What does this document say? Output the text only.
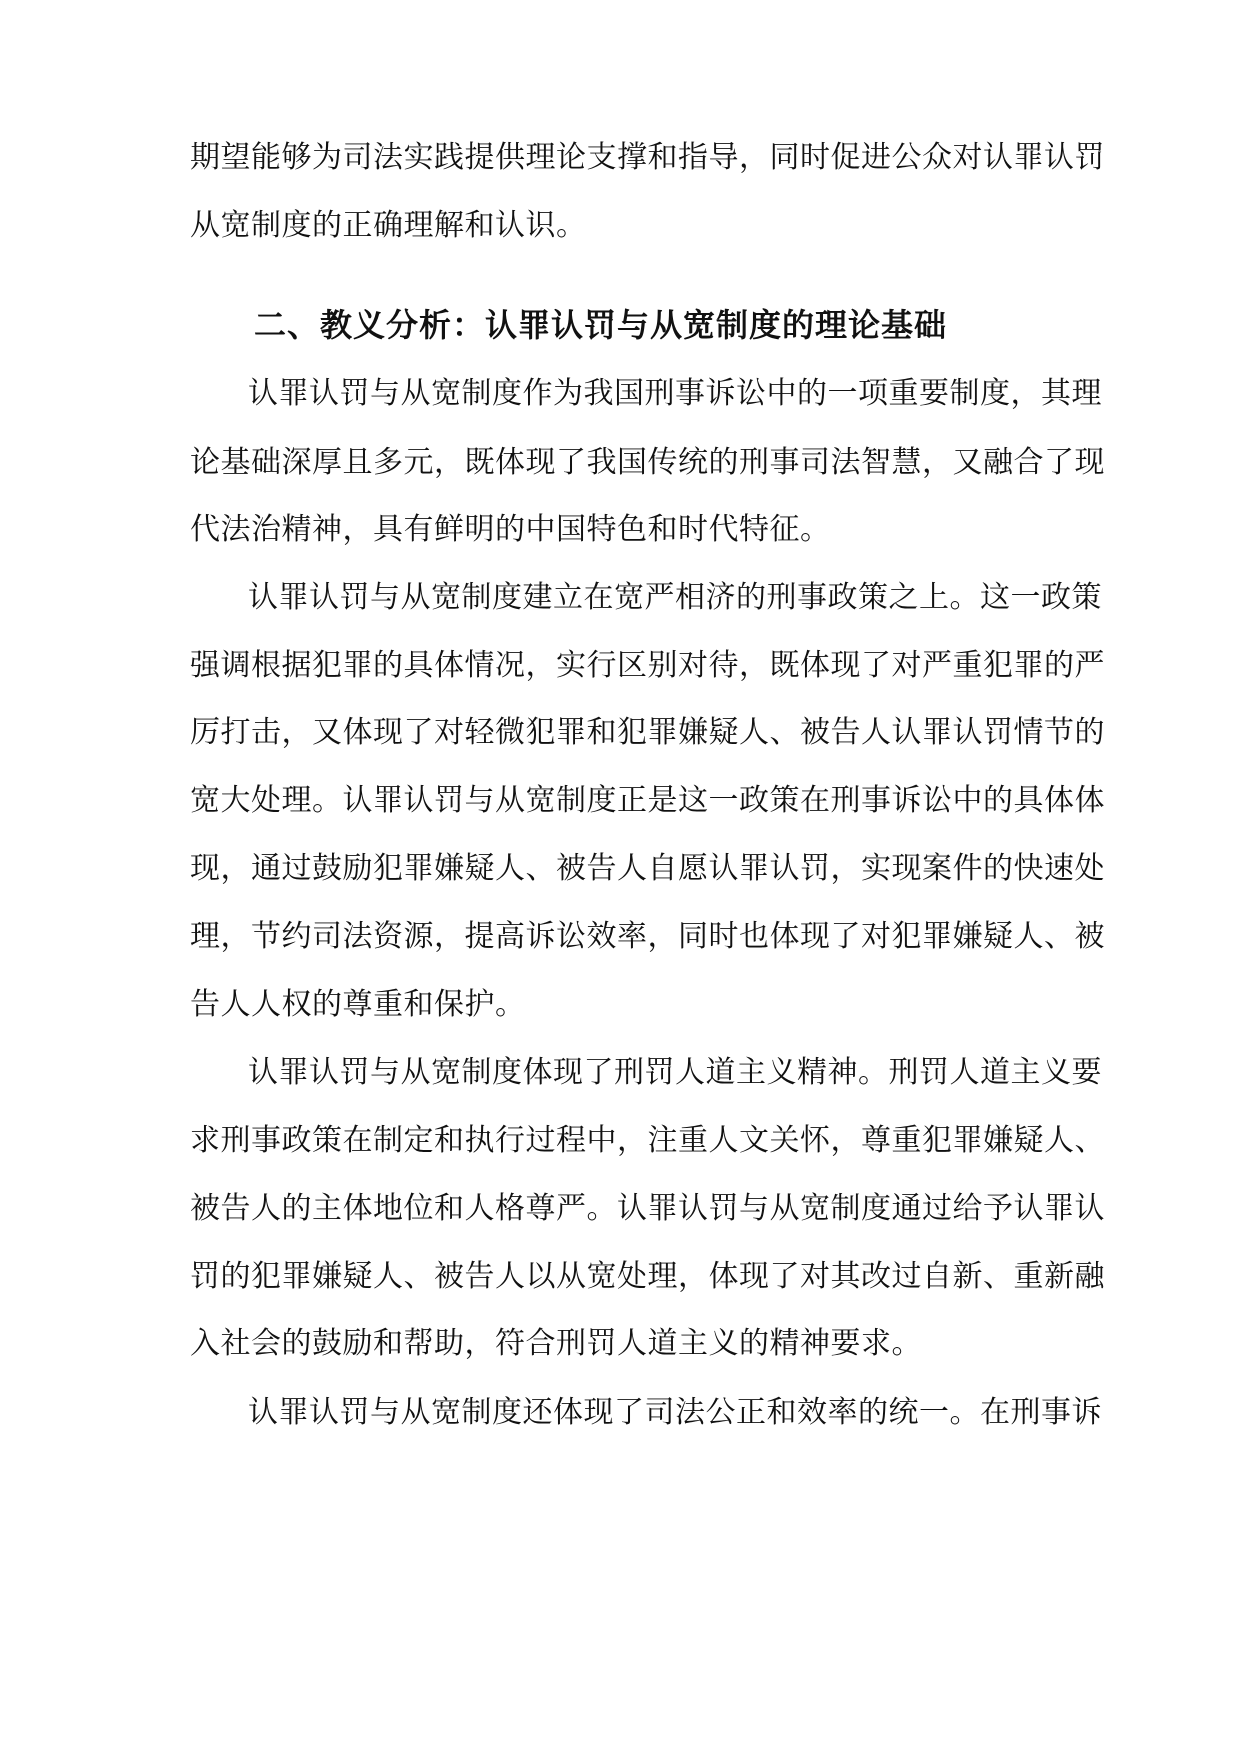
期望能够为司法实践提供理论支撑和指导，同时促进公众对认罪认罚
从宽制度的正确理解和认识。
二、教义分析：认罪认罚与从宽制度的理论基础
认罪认罚与从宽制度作为我国刑事诉讼中的一项重要制度，其理
论基础深厚且多元，既体现了我国传统的刑事司法智慧，又融合了现
代法治精神，具有鲜明的中国特色和时代特征。
认罪认罚与从宽制度建立在宽严相济的刑事政策之上。这一政策
强调根据犯罪的具体情况，实行区别对待，既体现了对严重犯罪的严
厉打击，又体现了对轻微犯罪和犯罪嫌疑人、被告人认罪认罚情节的
宽大处理。认罪认罚与从宽制度正是这一政策在刑事诉讼中的具体体
现，通过鼓励犯罪嫌疑人、被告人自愿认罪认罚，实现案件的快速处
理，节约司法资源，提高诉讼效率，同时也体现了对犯罪嫌疑人、被
告人人权的尊重和保护。
认罪认罚与从宽制度体现了刑罚人道主义精神。刑罚人道主义要
求刑事政策在制定和执行过程中，注重人文关怀，尊重犯罪嫌疑人、
被告人的主体地位和人格尊严。认罪认罚与从宽制度通过给予认罪认
罚的犯罪嫌疑人、被告人以从宽处理，体现了对其改过自新、重新融
入社会的鼓励和帮助，符合刑罚人道主义的精神要求。
认罪认罚与从宽制度还体现了司法公正和效率的统一。在刑事诉
